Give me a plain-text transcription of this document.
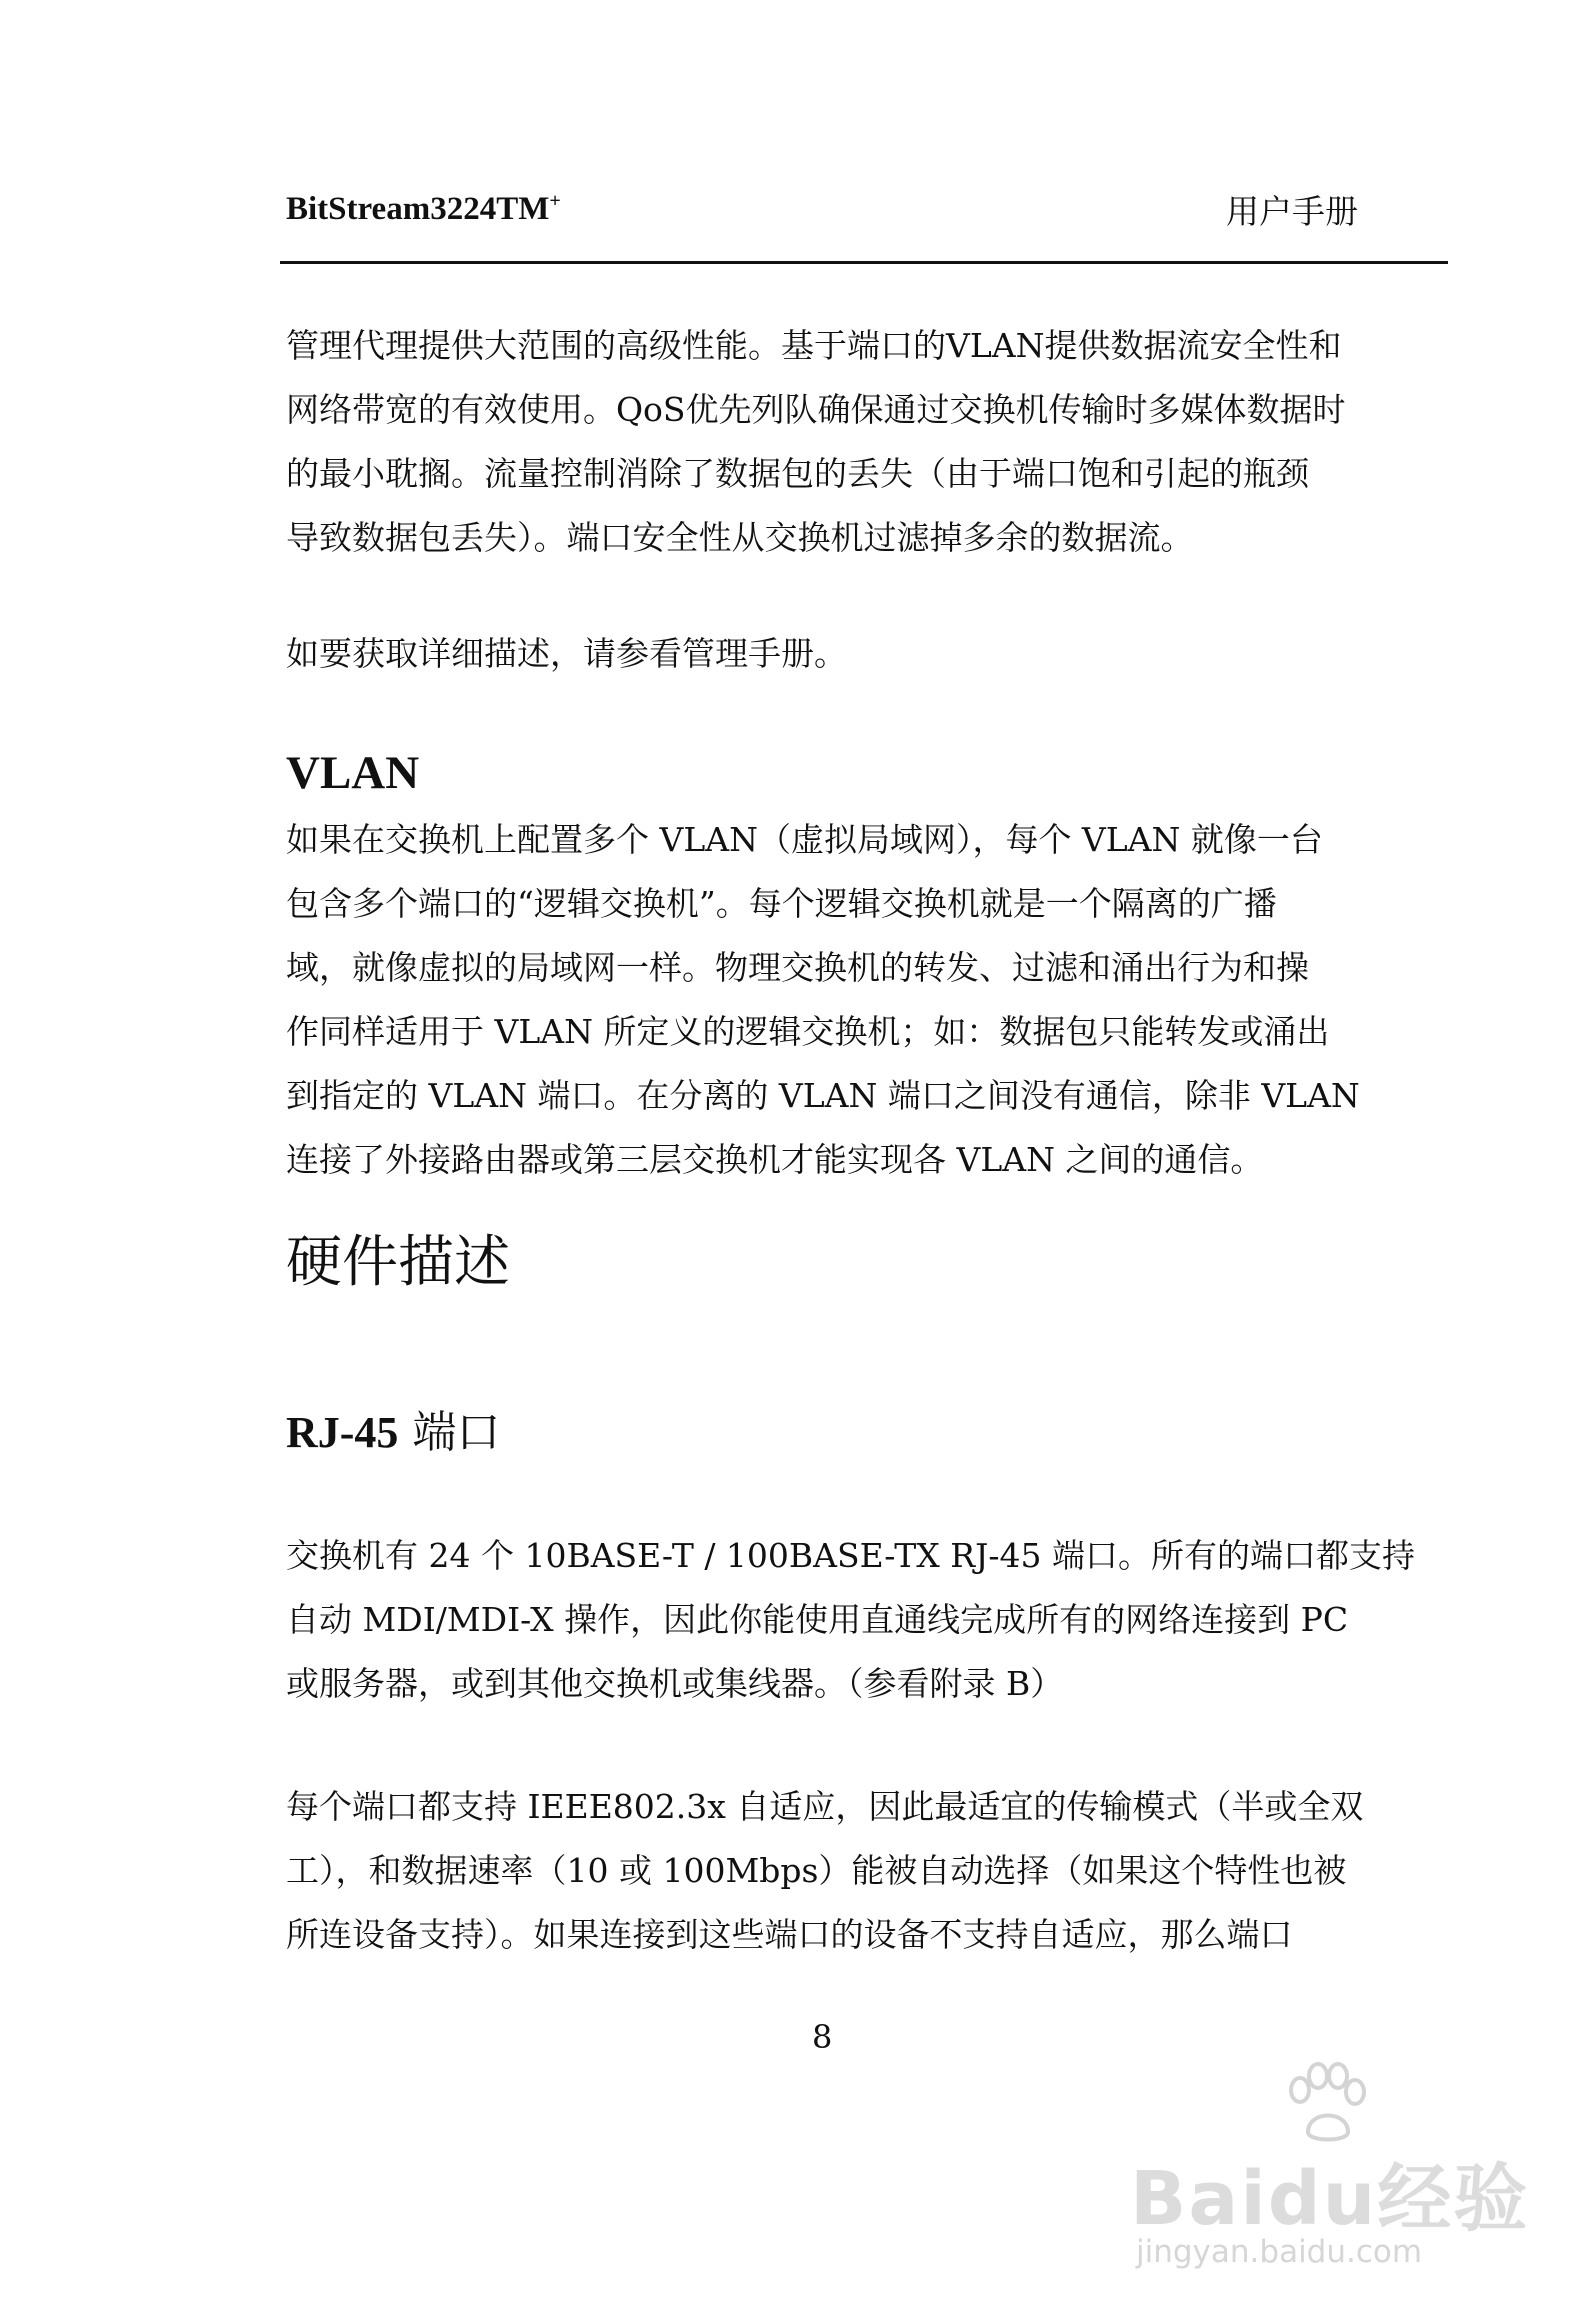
BitStream3224TM+	用户手册

管理代理提供大范围的高级性能。基于端口的VLAN提供数据流安全性和
网络带宽的有效使用。QoS优先列队确保通过交换机传输时多媒体数据时
的最小耽搁。流量控制消除了数据包的丢失（由于端口饱和引起的瓶颈
导致数据包丢失）。端口安全性从交换机过滤掉多余的数据流。

如要获取详细描述，请参看管理手册。

VLAN

如果在交换机上配置多个 VLAN（虚拟局域网），每个 VLAN 就像一台
包含多个端口的“逻辑交换机”。每个逻辑交换机就是一个隔离的广播
域，就像虚拟的局域网一样。物理交换机的转发、过滤和涌出行为和操
作同样适用于 VLAN 所定义的逻辑交换机；如：数据包只能转发或涌出
到指定的 VLAN 端口。在分离的 VLAN 端口之间没有通信，除非 VLAN
连接了外接路由器或第三层交换机才能实现各 VLAN 之间的通信。

硬件描述
RJ-45 端口

交换机有 24 个 10BASE-T / 100BASE-TX RJ-45 端口。所有的端口都支持
自动 MDI/MDI-X 操作，因此你能使用直通线完成所有的网络连接到 PC
或服务器，或到其他交换机或集线器。（参看附录 B）

每个端口都支持 IEEE802.3x 自适应，因此最适宜的传输模式（半或全双
工），和数据速率（10 或 100Mbps）能被自动选择（如果这个特性也被
所连设备支持）。如果连接到这些端口的设备不支持自适应，那么端口

8
Baidu经验
jingyan.baidu.com
